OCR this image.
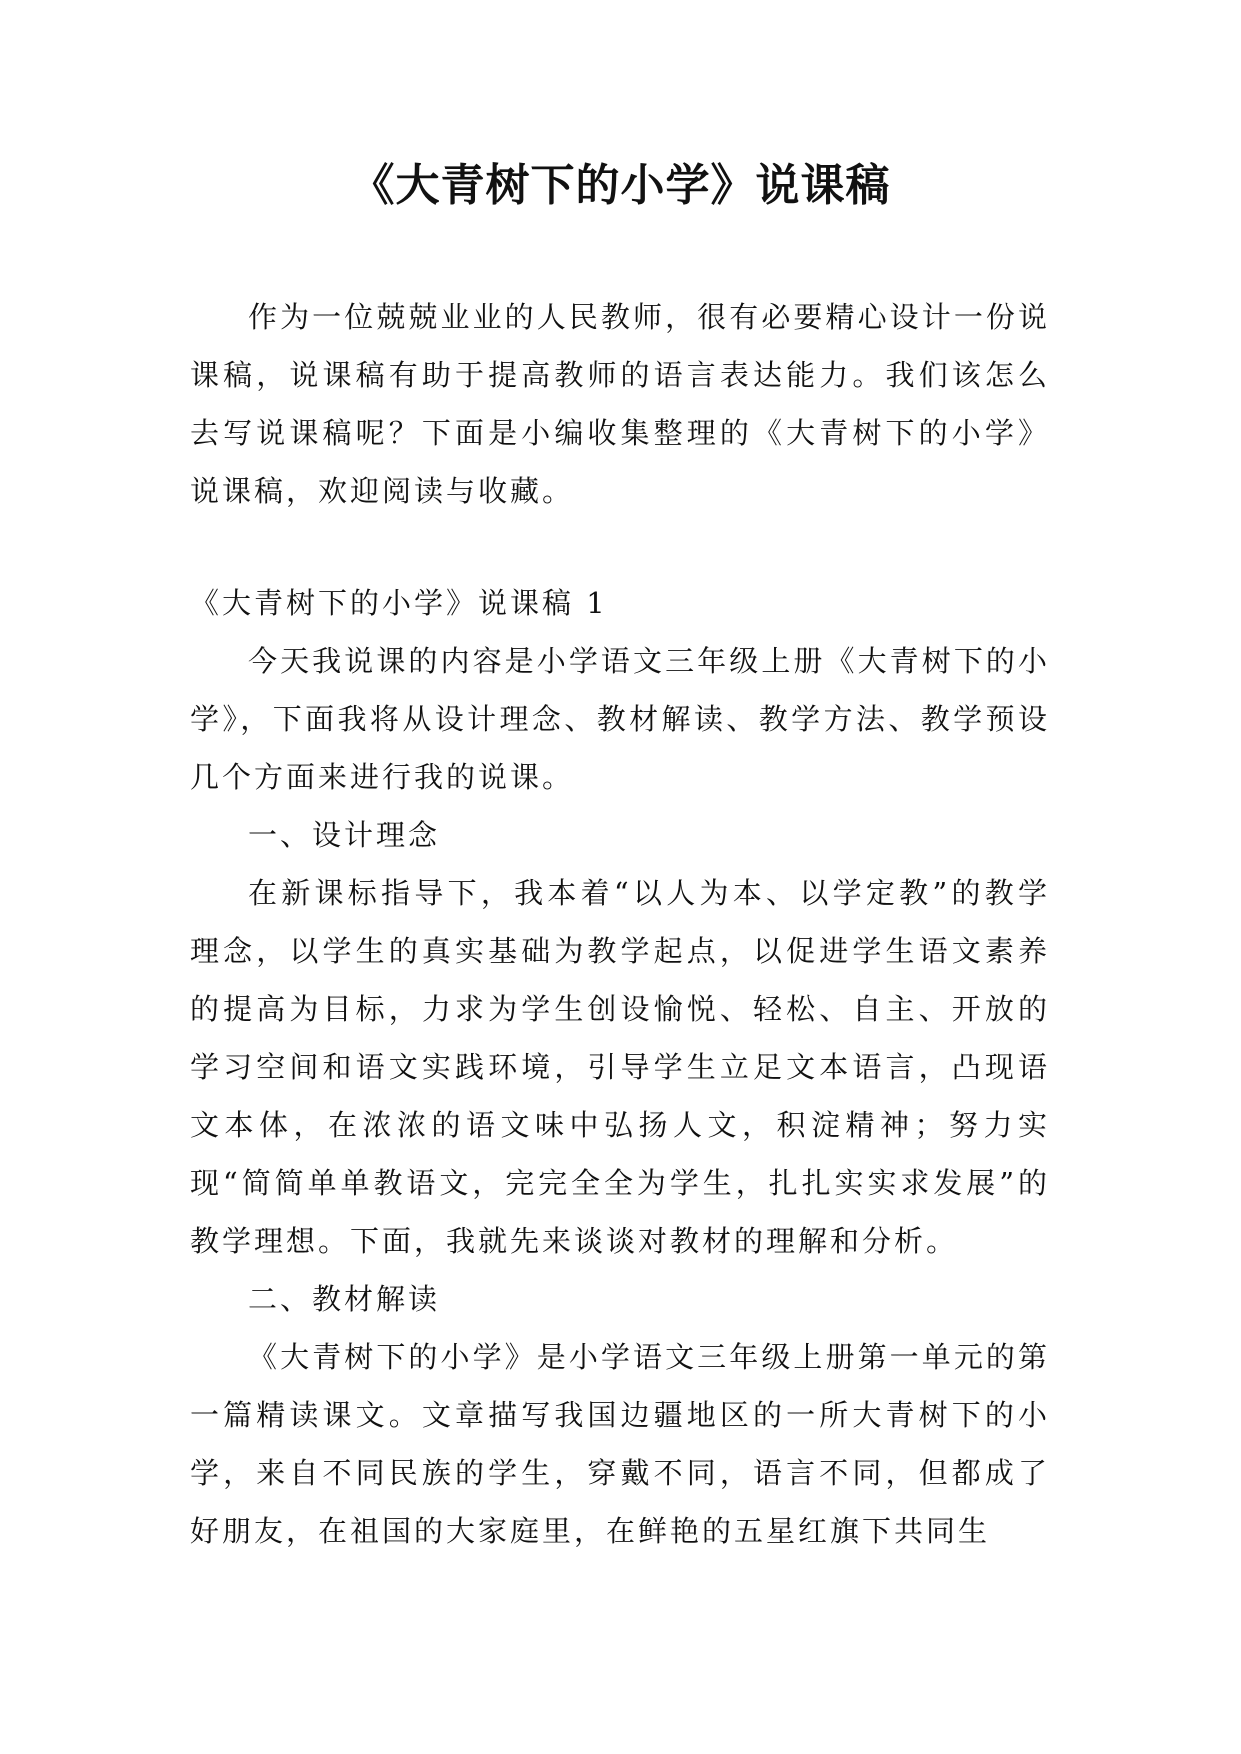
《大青树下的小学》说课稿

作为一位兢兢业业的人民教师，很有必要精心设计一份说课稿，说课稿有助于提高教师的语言表达能力。我们该怎么去写说课稿呢？下面是小编收集整理的《大青树下的小学》说课稿，欢迎阅读与收藏。

《大青树下的小学》说课稿 1

今天我说课的内容是小学语文三年级上册《大青树下的小学》，下面我将从设计理念、教材解读、教学方法、教学预设几个方面来进行我的说课。

一、设计理念

在新课标指导下，我本着“以人为本、以学定教”的教学理念，以学生的真实基础为教学起点，以促进学生语文素养的提高为目标，力求为学生创设愉悦、轻松、自主、开放的学习空间和语文实践环境，引导学生立足文本语言，凸现语文本体，在浓浓的语文味中弘扬人文，积淀精神；努力实现“简简单单教语文，完完全全为学生，扎扎实实求发展”的教学理想。下面，我就先来谈谈对教材的理解和分析。

二、教材解读

《大青树下的小学》是小学语文三年级上册第一单元的第一篇精读课文。文章描写我国边疆地区的一所大青树下的小学，来自不同民族的学生，穿戴不同，语言不同，但都成了好朋友，在祖国的大家庭里，在鲜艳的五星红旗下共同生
